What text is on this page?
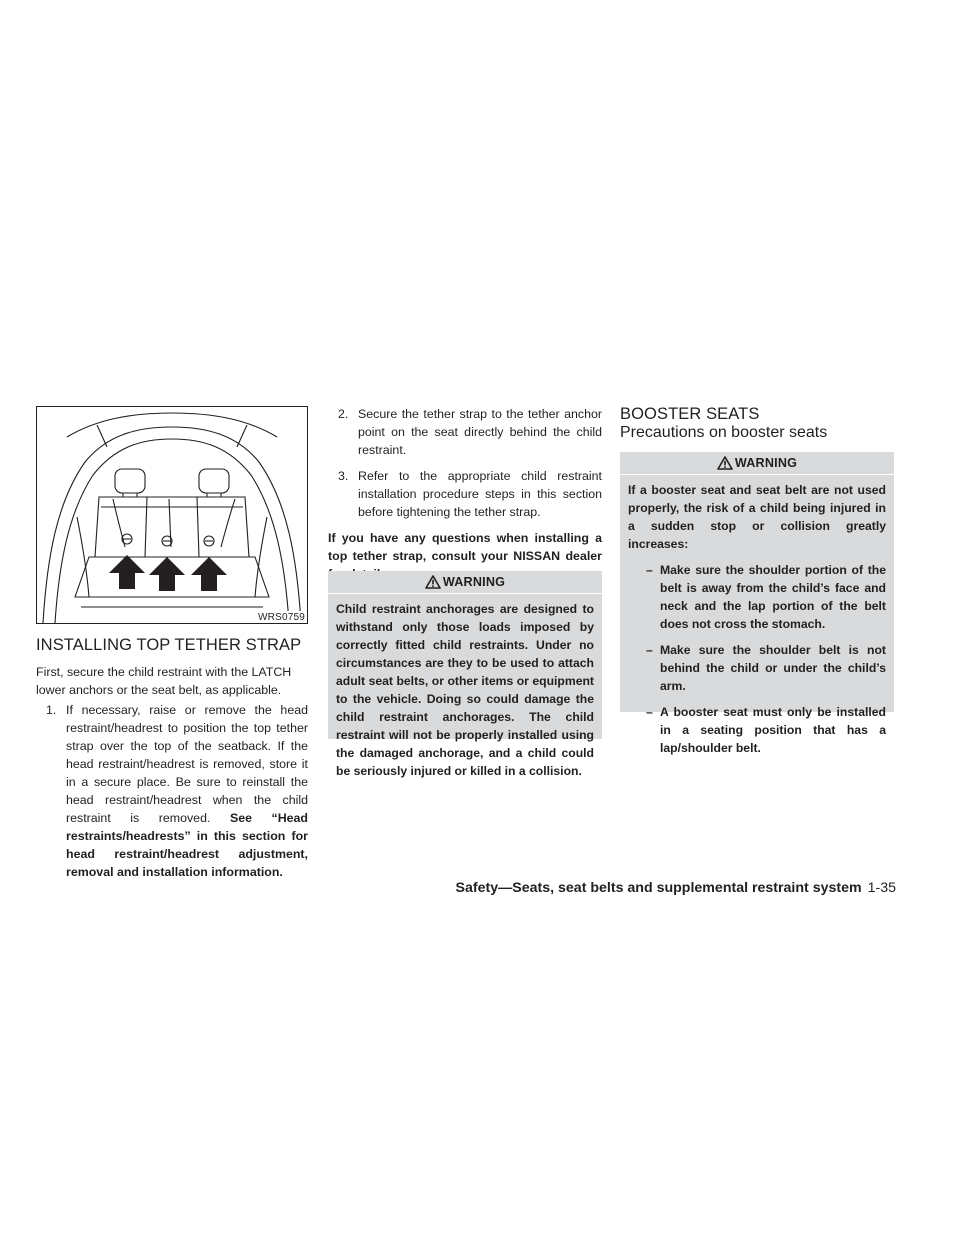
WRS0759
INSTALLING TOP TETHER STRAP

First, secure the child restraint with the LATCH lower anchors or the seat belt, as applicable.

1. If necessary, raise or remove the head restraint/headrest to position the top tether strap over the top of the seatback. If the head restraint/headrest is removed, store it in a secure place. Be sure to reinstall the head restraint/headrest when the child restraint is removed. See “Head restraints/headrests” in this section for head restraint/headrest adjustment, removal and installation information.
2. Secure the tether strap to the tether anchor point on the seat directly behind the child restraint.
3. Refer to the appropriate child restraint installation procedure steps in this section before tightening the tether strap.

If you have any questions when installing a top tether strap, consult your NISSAN dealer

WARNING
Child restraint anchorages are designed to withstand only those loads imposed by correctly fitted child restraints. Under no circumstances are they to be used to attach adult seat belts, or other items or equipment to the vehicle. Doing so could damage the child restraint anchorages. The child restraint will not be properly installed using the damaged anchorage, and a child could be seriously injured or killed in a collision.
BOOSTER SEATS
Precautions on booster seats
WARNING
If a booster seat and seat belt are not used properly, the risk of a child being injured in a sudden stop or collision greatly increases:
– Make sure the shoulder portion of the belt is away from the child’s face and neck and the lap portion of the belt does not cross the stomach.
– Make sure the shoulder belt is not behind the child or under the child’s arm.
– A booster seat must only be installed in a seating position that has a lap/shoulder belt.
Safety—Seats, seat belts and supplemental restraint system 1-35
